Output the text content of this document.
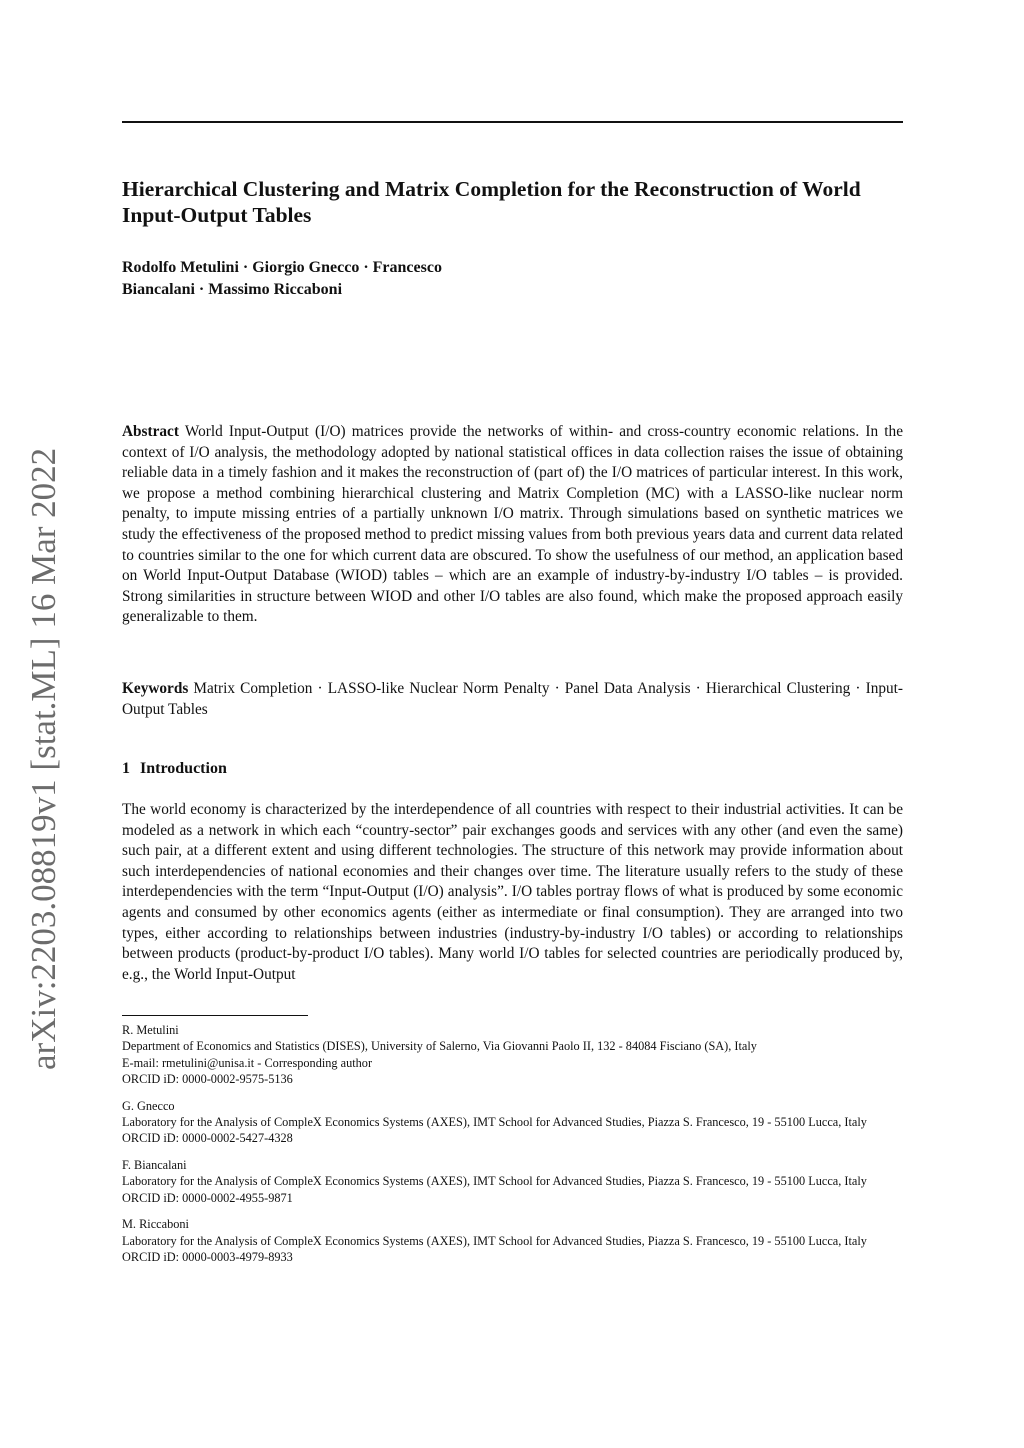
arXiv:2203.08819v1 [stat.ML] 16 Mar 2022
Hierarchical Clustering and Matrix Completion for the Reconstruction of World Input-Output Tables
Rodolfo Metulini · Giorgio Gnecco · Francesco
Biancalani · Massimo Riccaboni

Abstract World Input-Output (I/O) matrices provide the networks of within- and cross-country economic relations. In the context of I/O analysis, the methodology adopted by national statistical offices in data collection raises the issue of obtaining reliable data in a timely fashion and it makes the reconstruction of (part of) the I/O matrices of particular interest. In this work, we propose a method combining hierarchical clustering and Matrix Completion (MC) with a LASSO-like nuclear norm penalty, to impute missing entries of a partially unknown I/O matrix. Through simulations based on synthetic matrices we study the effectiveness of the proposed method to predict missing values from both previous years data and current data related to countries similar to the one for which current data are obscured. To show the usefulness of our method, an application based on World Input-Output Database (WIOD) tables – which are an example of industry-by-industry I/O tables – is provided. Strong similarities in structure between WIOD and other I/O tables are also found, which make the proposed approach easily generalizable to them.

Keywords Matrix Completion · LASSO-like Nuclear Norm Penalty · Panel Data Analysis · Hierarchical Clustering · Input-Output Tables

1 Introduction

The world economy is characterized by the interdependence of all countries with respect to their industrial activities. It can be modeled as a network in which each “country-sector” pair exchanges goods and services with any other (and even the same) such pair, at a different extent and using different technologies. The structure of this network may provide information about such interdependencies of national economies and their changes over time. The literature usually refers to the study of these interdependencies with the term “Input-Output (I/O) analysis”. I/O tables portray flows of what is produced by some economic agents and consumed by other economics agents (either as intermediate or final consumption). They are arranged into two types, either according to relationships between industries (industry-by-industry I/O tables) or according to relationships between products (product-by-product I/O tables). Many world I/O tables for selected countries are periodically produced by, e.g., the World Input-Output

R. Metulini
Department of Economics and Statistics (DISES), University of Salerno, Via Giovanni Paolo II, 132 - 84084 Fisciano (SA), Italy
E-mail: rmetulini@unisa.it - Corresponding author
ORCID iD: 0000-0002-9575-5136
G. Gnecco
Laboratory for the Analysis of CompleX Economics Systems (AXES), IMT School for Advanced Studies, Piazza S. Francesco, 19 - 55100 Lucca, Italy
ORCID iD: 0000-0002-5427-4328
F. Biancalani
Laboratory for the Analysis of CompleX Economics Systems (AXES), IMT School for Advanced Studies, Piazza S. Francesco, 19 - 55100 Lucca, Italy
ORCID iD: 0000-0002-4955-9871
M. Riccaboni
Laboratory for the Analysis of CompleX Economics Systems (AXES), IMT School for Advanced Studies, Piazza S. Francesco, 19 - 55100 Lucca, Italy
ORCID iD: 0000-0003-4979-8933
